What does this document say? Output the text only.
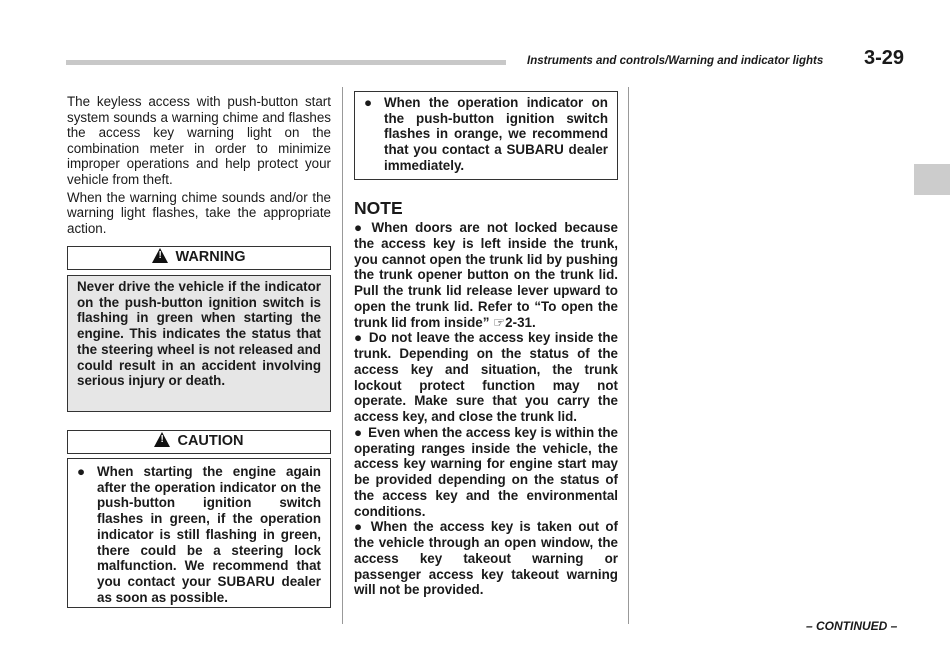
Instruments and controls/Warning and indicator lights 3-29

The keyless access with push-button start system sounds a warning chime and flashes the access key warning light on the combination meter in order to minimize improper operations and help protect your vehicle from theft.

When the warning chime sounds and/or the warning light flashes, take the appropriate action.

!WARNING
Never drive the vehicle if the indicator on the push-button ignition switch is flashing in green when starting the engine. This indicates the status that the steering wheel is not released and could result in an accident involving serious injury or death.
!CAUTION
● When starting the engine again after the operation indicator on the push-button ignition switch flashes in green, if the operation indicator is still flashing in green, there could be a steering lock malfunction. We recommend that you contact your SUBARU dealer as soon as possible.
● When the operation indicator on the push-button ignition switch flashes in orange, we recommend that you contact a SUBARU dealer immediately.
NOTE
● When doors are not locked because the access key is left inside the trunk, you cannot open the trunk lid by pushing the trunk opener button on the trunk lid. Pull the trunk lid release lever upward to open the trunk lid. Refer to “To open the trunk lid from inside” ☞2-31.
● Do not leave the access key inside the trunk. Depending on the status of the access key and situation, the trunk lockout protect function may not operate. Make sure that you carry the access key, and close the trunk lid.
● Even when the access key is within the operating ranges inside the vehicle, the access key warning for engine start may be provided depending on the status of the access key and the environmental conditions.
● When the access key is taken out of the vehicle through an open window, the access key takeout warning or passenger access key takeout warning will not be provided.
– CONTINUED –
